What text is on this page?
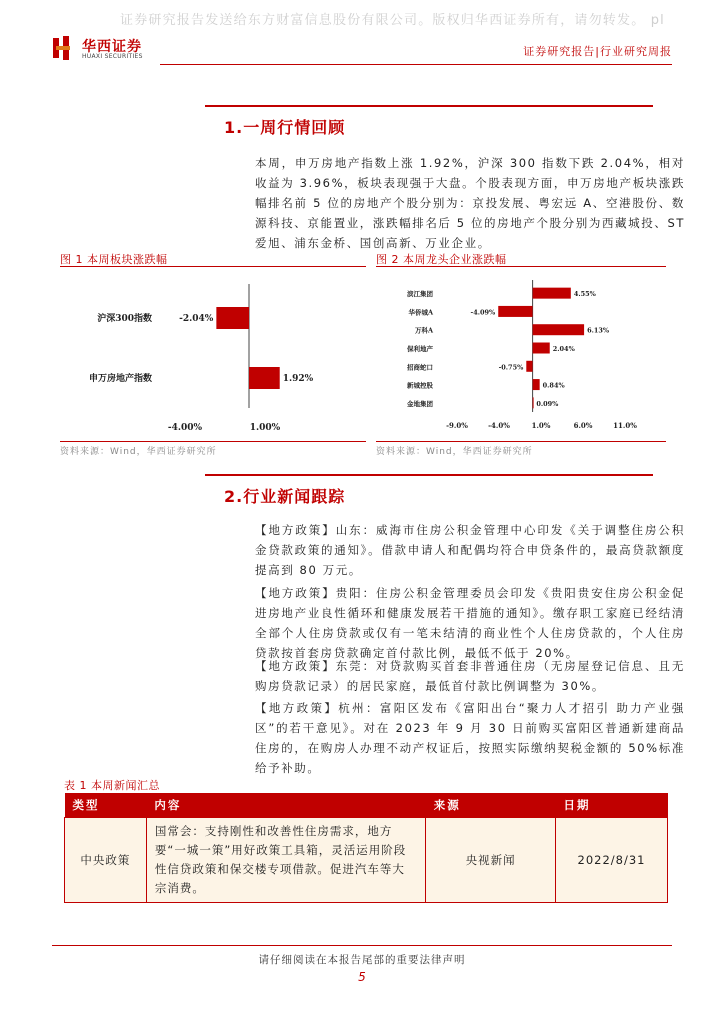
证券研究报告发送给东方财富信息股份有限公司。版权归华西证券所有，请勿转发。 pl
华西证券
HUAXI SECURITIES	证券研究报告|行业研究周报
1.一周行情回顾
本周，申万房地产指数上涨 1.92%，沪深 300 指数下跌 2.04%，相对收益为 3.96%，板块表现强于大盘。个股表现方面，申万房地产板块涨跌幅排名前 5 位的房地产个股分别为：京投发展、粤宏远 A、空港股份、数源科技、京能置业，涨跌幅排名后 5 位的房地产个股分别为西藏城投、ST 爱旭、浦东金桥、国创高新、万业企业。
图 1 本周板块涨跌幅	图 2 本周龙头企业涨跌幅
沪深300指数	-2.04%
申万房地产指数	1.92%
-4.00%	1.00%
滨江集团	4.55%
华侨城A	-4.09%
万科A	6.13%
保利地产	2.04%
招商蛇口	-0.75%
新城控股	0.84%
金地集团	0.09%
-9.0%	-4.0%	1.0%	6.0%	11.0%
资料来源：Wind，华西证券研究所	资料来源：Wind，华西证券研究所
2.行业新闻跟踪
【地方政策】山东：威海市住房公积金管理中心印发《关于调整住房公积金贷款政策的通知》。借款申请人和配偶均符合申贷条件的，最高贷款额度提高到 80 万元。
【地方政策】贵阳：住房公积金管理委员会印发《贵阳贵安住房公积金促进房地产业良性循环和健康发展若干措施的通知》。缴存职工家庭已经结清全部个人住房贷款或仅有一笔未结清的商业性个人住房贷款的，个人住房贷款按首套房贷款确定首付款比例，最低不低于 20%。
【地方政策】东莞：对贷款购买首套非普通住房（无房屋登记信息、且无购房贷款记录）的居民家庭，最低首付款比例调整为 30%。
【地方政策】杭州：富阳区发布《富阳出台“聚力人才招引 助力产业强区”的若干意见》。对在 2023 年 9 月 30 日前购买富阳区普通新建商品住房的，在购房人办理不动产权证后，按照实际缴纳契税金额的 50%标准给予补助。
表 1 本周新闻汇总
类型	内容	来源	日期
中央政策	国常会：支持刚性和改善性住房需求，地方要“一城一策”用好政策工具箱，灵活运用阶段性信贷政策和保交楼专项借款。促进汽车等大宗消费。	央视新闻	2022/8/31
请仔细阅读在本报告尾部的重要法律声明
5
